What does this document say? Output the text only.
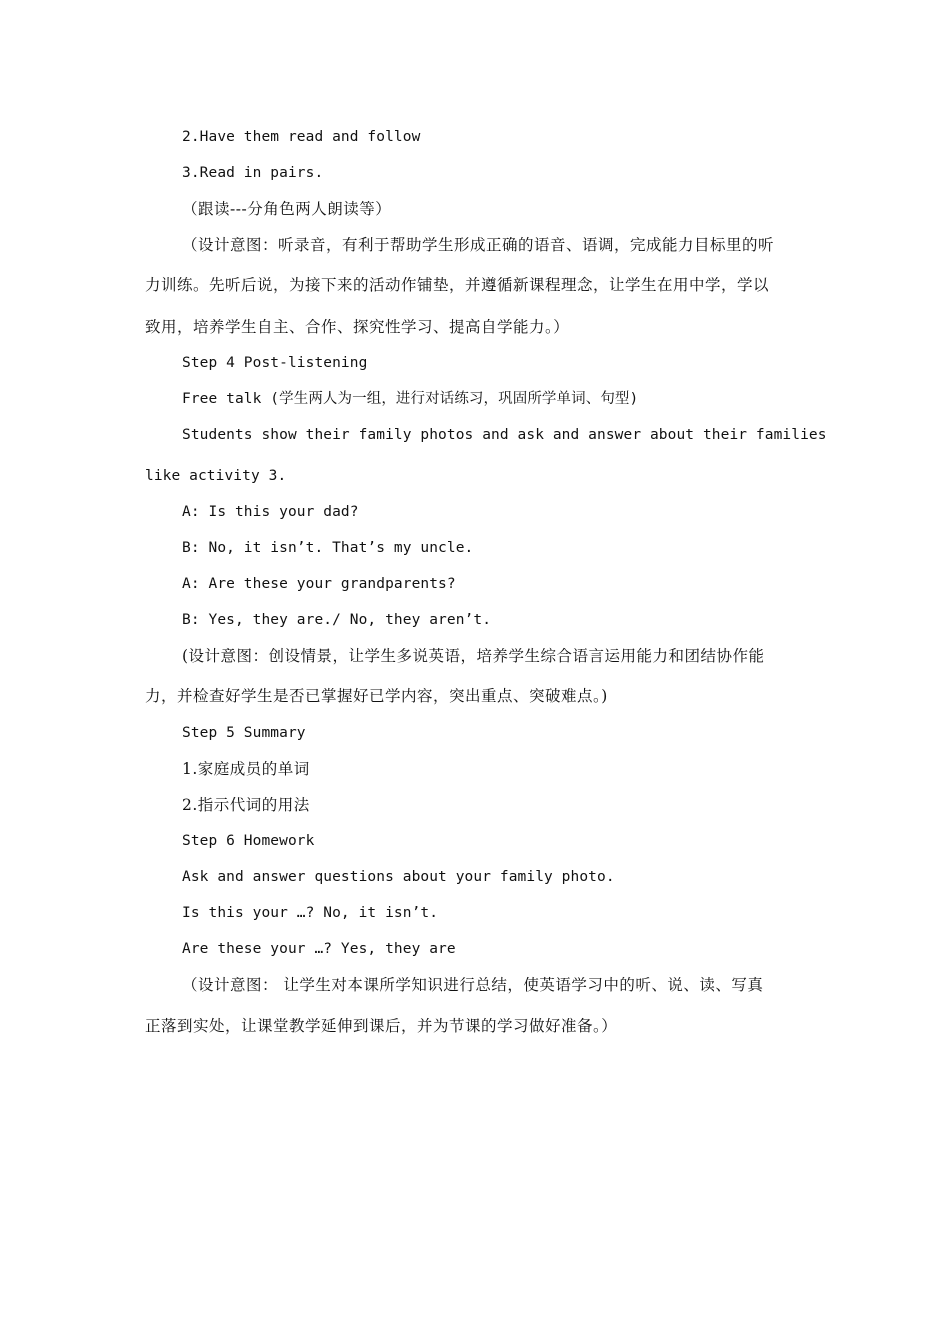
2.Have them read and follow
3.Read in pairs.
（跟读---分角色两人朗读等）
（设计意图：听录音，有利于帮助学生形成正确的语音、语调，完成能力目标里的听
力训练。先听后说，为接下来的活动作铺垫，并遵循新课程理念，让学生在用中学，学以
致用，培养学生自主、合作、探究性学习、提高自学能力。）
Step 4 Post-listening
Free talk (学生两人为一组，进行对话练习，巩固所学单词、句型)
Students show their family photos and ask and answer about their families
like activity 3.
A: Is this your dad?
B: No, it isn’t. That’s my uncle.
A: Are these your grandparents?
B: Yes, they are./ No, they aren’t.
(设计意图：创设情景，让学生多说英语，培养学生综合语言运用能力和团结协作能
力，并检查好学生是否已掌握好已学内容，突出重点、突破难点。)
Step 5 Summary
1.家庭成员的单词
2.指示代词的用法
Step 6 Homework
Ask and answer questions about your family photo.
Is this your …? No, it isn’t.
Are these your …? Yes, they are
（设计意图： 让学生对本课所学知识进行总结，使英语学习中的听、说、读、写真
正落到实处，让课堂教学延伸到课后，并为节课的学习做好准备。）
